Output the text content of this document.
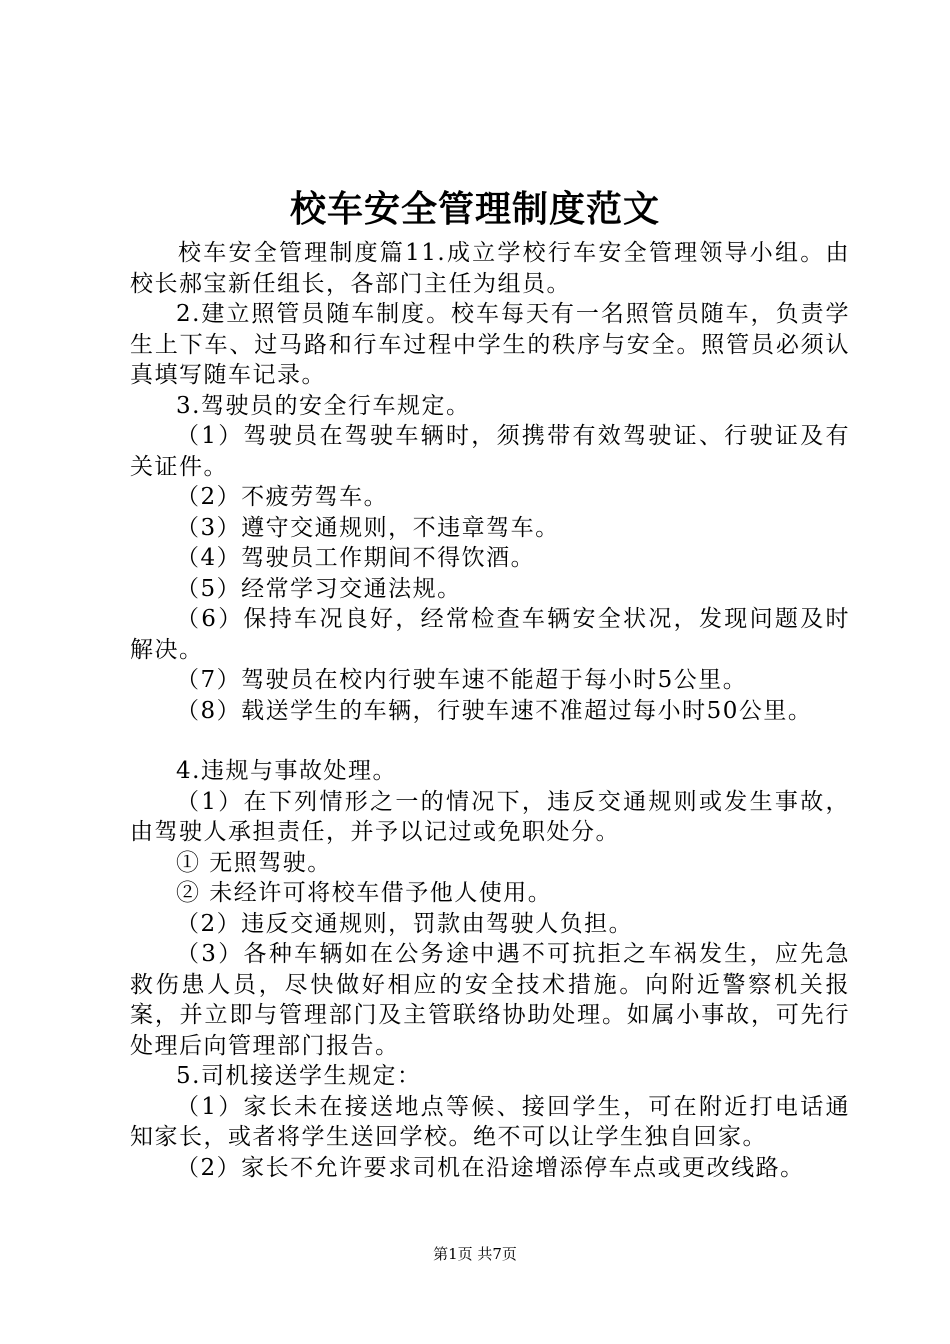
校车安全管理制度范文

校车安全管理制度篇11.成立学校行车安全管理领导小组。由校长郝宝新任组长，各部门主任为组员。

2.建立照管员随车制度。校车每天有一名照管员随车，负责学生上下车、过马路和行车过程中学生的秩序与安全。照管员必须认真填写随车记录。

3.驾驶员的安全行车规定。

（1）驾驶员在驾驶车辆时，须携带有效驾驶证、行驶证及有关证件。

（2）不疲劳驾车。

（3）遵守交通规则，不违章驾车。

（4）驾驶员工作期间不得饮酒。

（5）经常学习交通法规。

（6）保持车况良好，经常检查车辆安全状况，发现问题及时解决。

（7）驾驶员在校内行驶车速不能超于每小时5公里。

（8）载送学生的车辆，行驶车速不准超过每小时50公里。

4.违规与事故处理。

（1）在下列情形之一的情况下，违反交通规则或发生事故，由驾驶人承担责任，并予以记过或免职处分。

① 无照驾驶。

② 未经许可将校车借予他人使用。

（2）违反交通规则，罚款由驾驶人负担。

（3）各种车辆如在公务途中遇不可抗拒之车祸发生，应先急救伤患人员，尽快做好相应的安全技术措施。向附近警察机关报案，并立即与管理部门及主管联络协助处理。如属小事故，可先行处理后向管理部门报告。

5.司机接送学生规定：

（1）家长未在接送地点等候、接回学生，可在附近打电话通知家长，或者将学生送回学校。绝不可以让学生独自回家。

（2）家长不允许要求司机在沿途增添停车点或更改线路。

第1页 共7页
